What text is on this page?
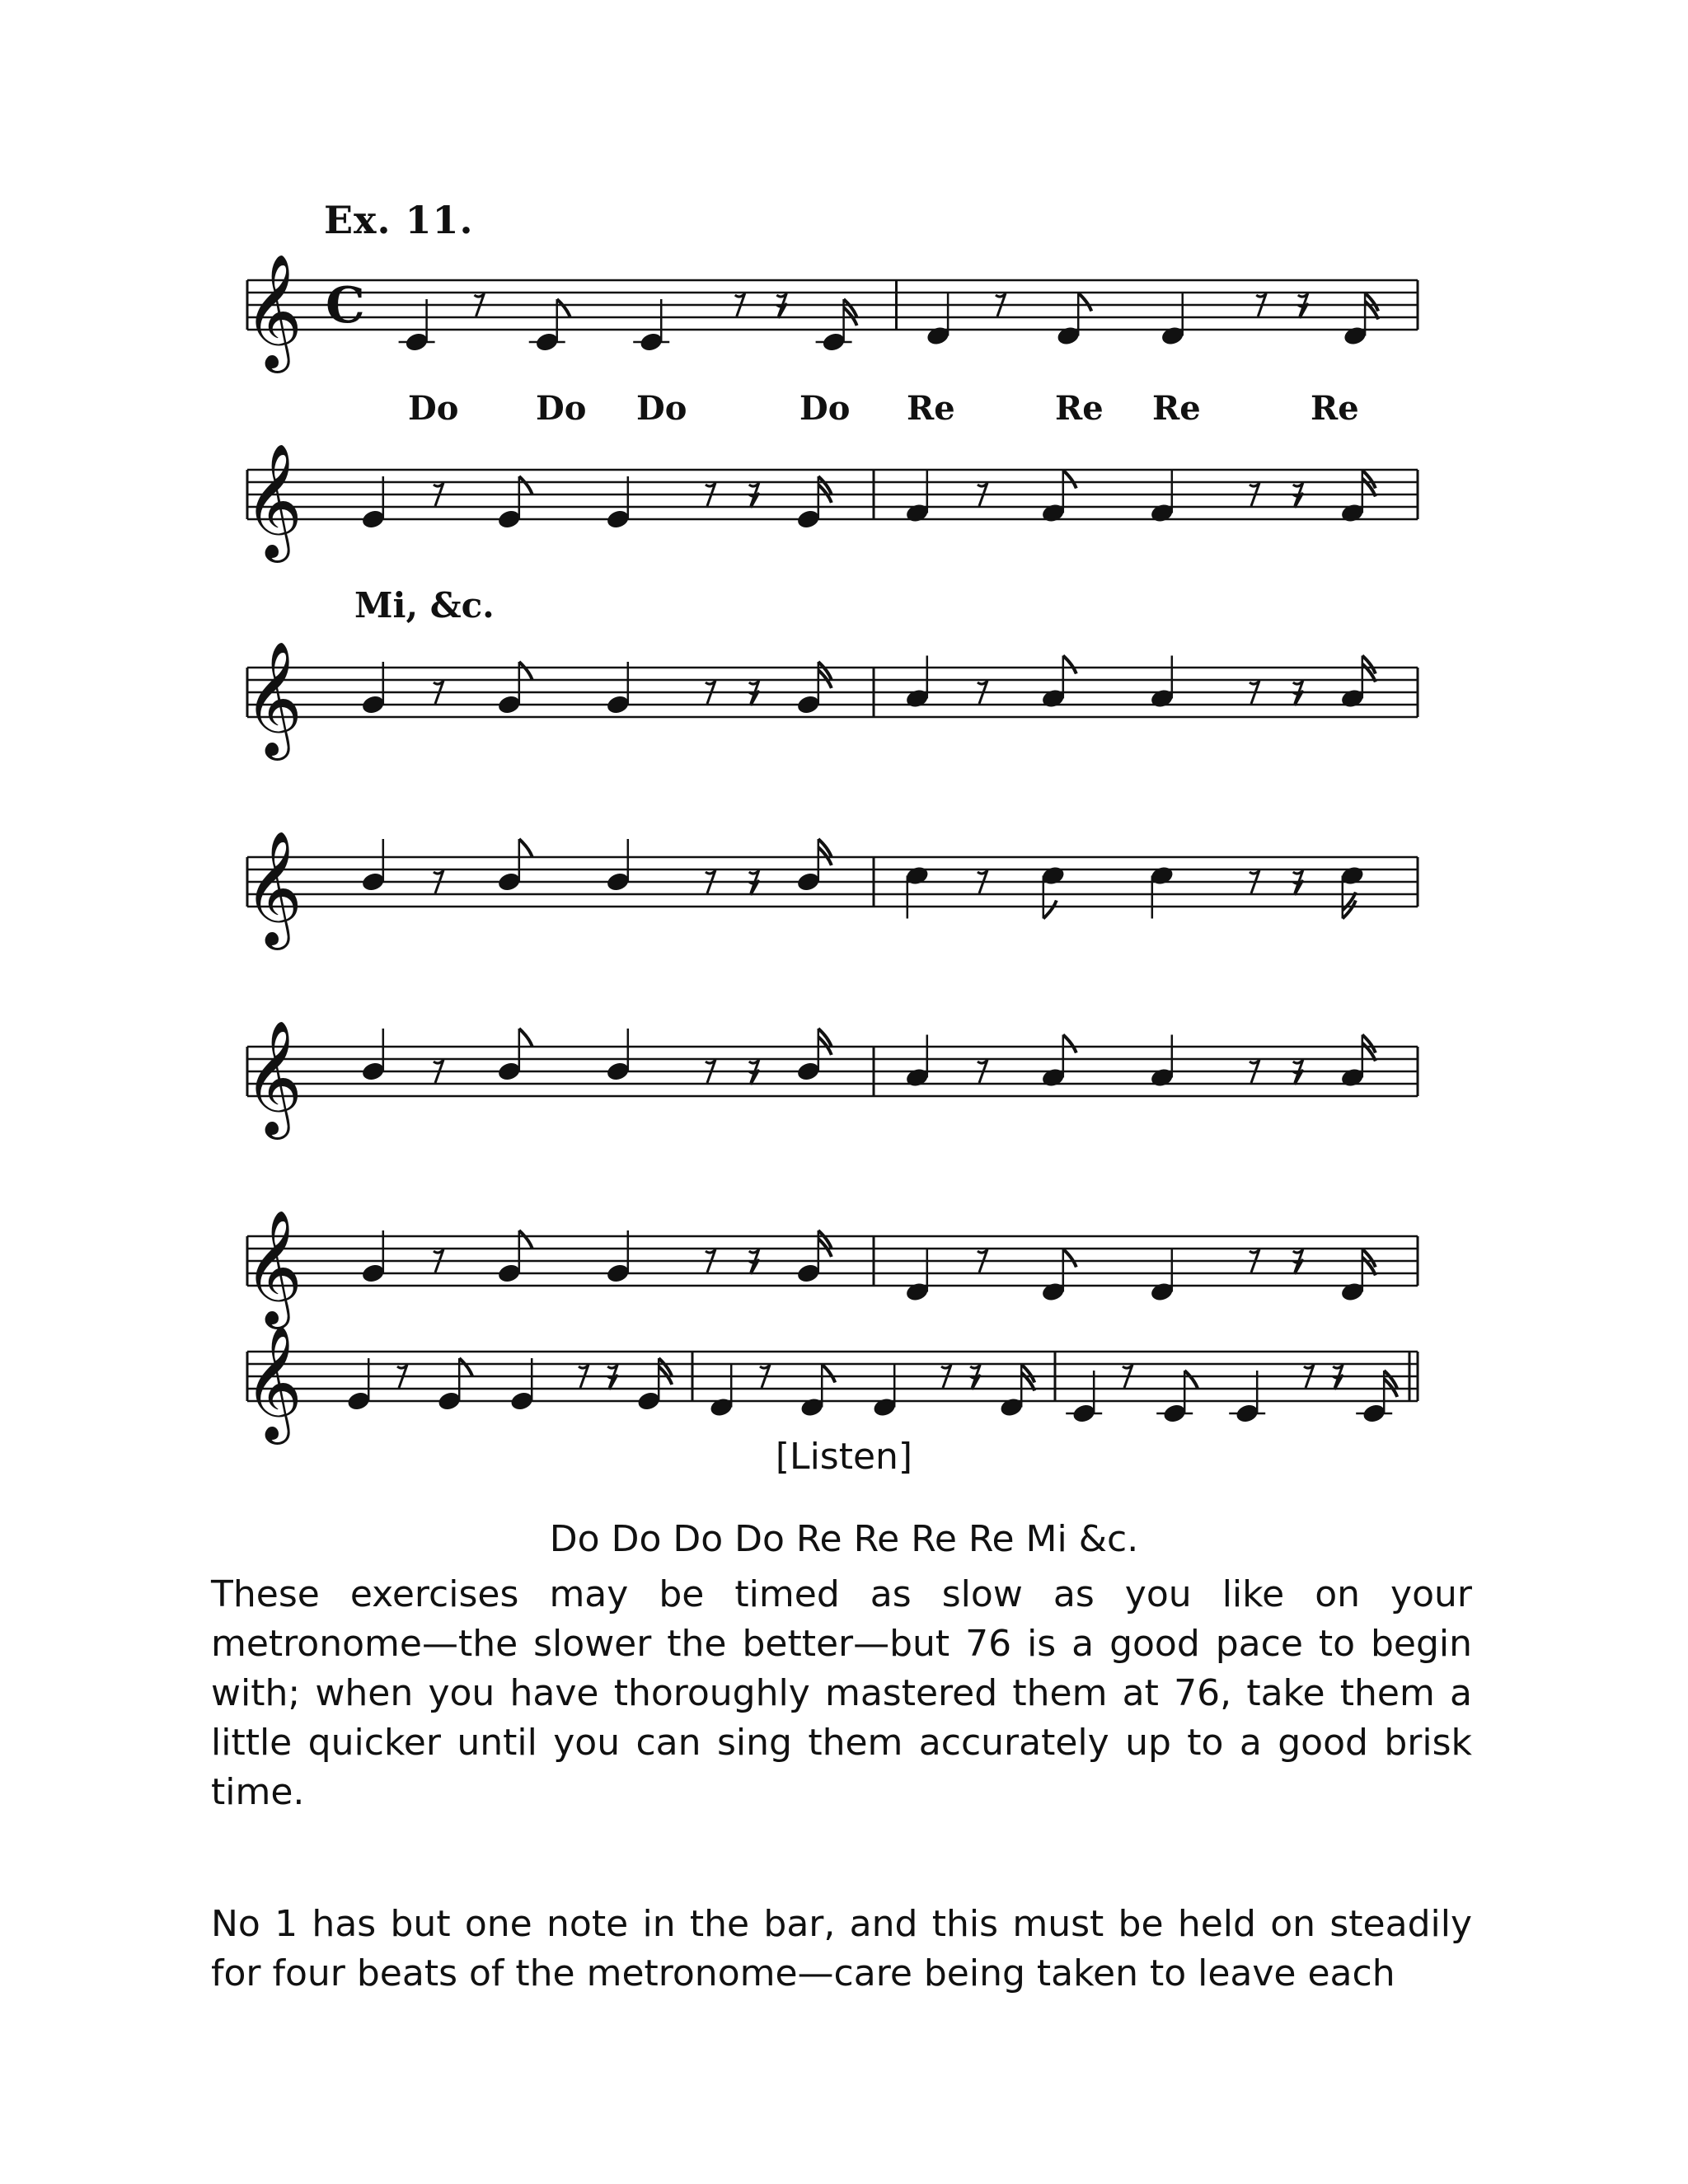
Ex. 11.
𝄞 C
Do Do Do	Do Re	Re Re	Re
𝄞
Mi, &c.
𝄞
𝄞
𝄞
𝄞
𝄞
[Listen]
Do Do Do Do Re Re Re Re Mi &c.

These exercises may be timed as slow as you like on your metronome—the slower the better—but 76 is a good pace to begin with; when you have thoroughly mastered them at 76, take them a little quicker until you can sing them accurately up to a good brisk time.

No 1 has but one note in the bar, and this must be held on steadily for four beats of the metronome—care being taken to leave each
